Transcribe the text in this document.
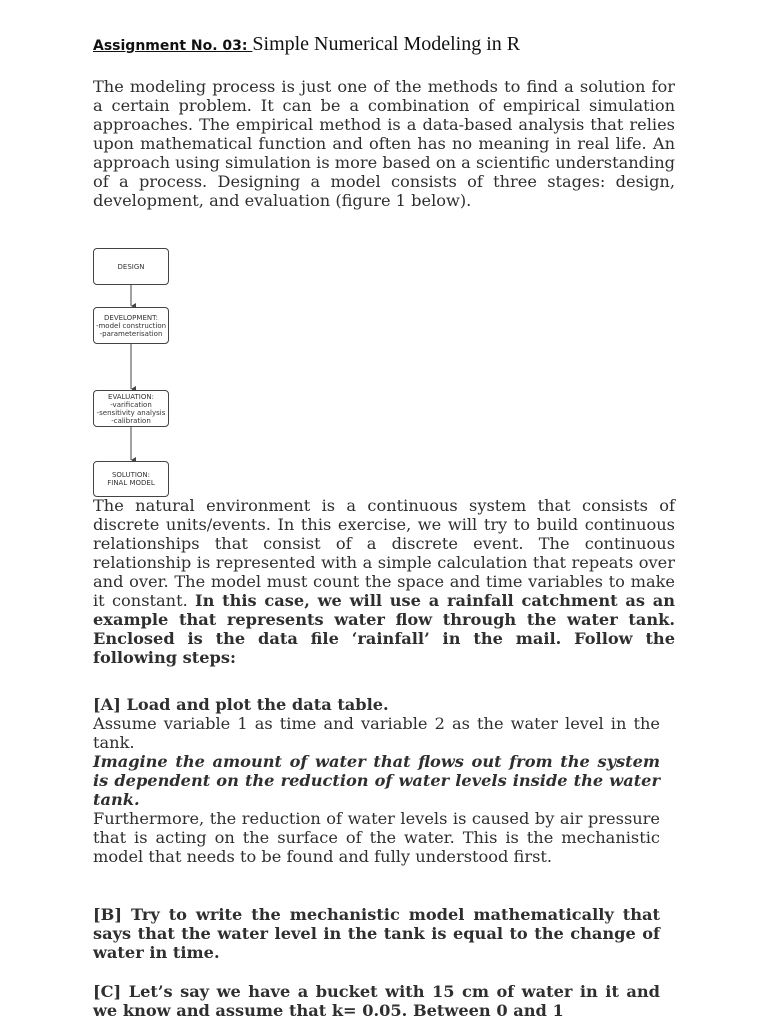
Assignment No. 03: Simple Numerical Modeling in R

The modeling process is just one of the methods to find a solution for a certain problem. It can be a combination of empirical simulation approaches. The empirical method is a data-based analysis that relies upon mathematical function and often has no meaning in real life. An approach using simulation is more based on a scientific understanding of a process. Designing a model consists of three stages: design, development, and evaluation (figure 1 below).

DESIGN
DEVELOPMENT:
-model construction
-parameterisation
EVALUATION:
-varification
-sensitivity analysis
-calibration
SOLUTION:
FINAL MODEL

The natural environment is a continuous system that consists of discrete units/events. In this exercise, we will try to build continuous relationships that consist of a discrete event. The continuous relationship is represented with a simple calculation that repeats over and over. The model must count the space and time variables to make it constant. In this case, we will use a rainfall catchment as an example that represents water flow through the water tank. Enclosed is the data file ‘rainfall’ in the mail. Follow the following steps:

[A] Load and plot the data table.

Assume variable 1 as time and variable 2 as the water level in the tank.

Imagine the amount of water that flows out from the system is dependent on the reduction of water levels inside the water tank.

Furthermore, the reduction of water levels is caused by air pressure that is acting on the surface of the water. This is the mechanistic model that needs to be found and fully understood first.

[B] Try to write the mechanistic model mathematically that says that the water level in the tank is equal to the change of water in time.

[C] Let’s say we have a bucket with 15 cm of water in it and we know and assume that k= 0.05. Between 0 and 1
